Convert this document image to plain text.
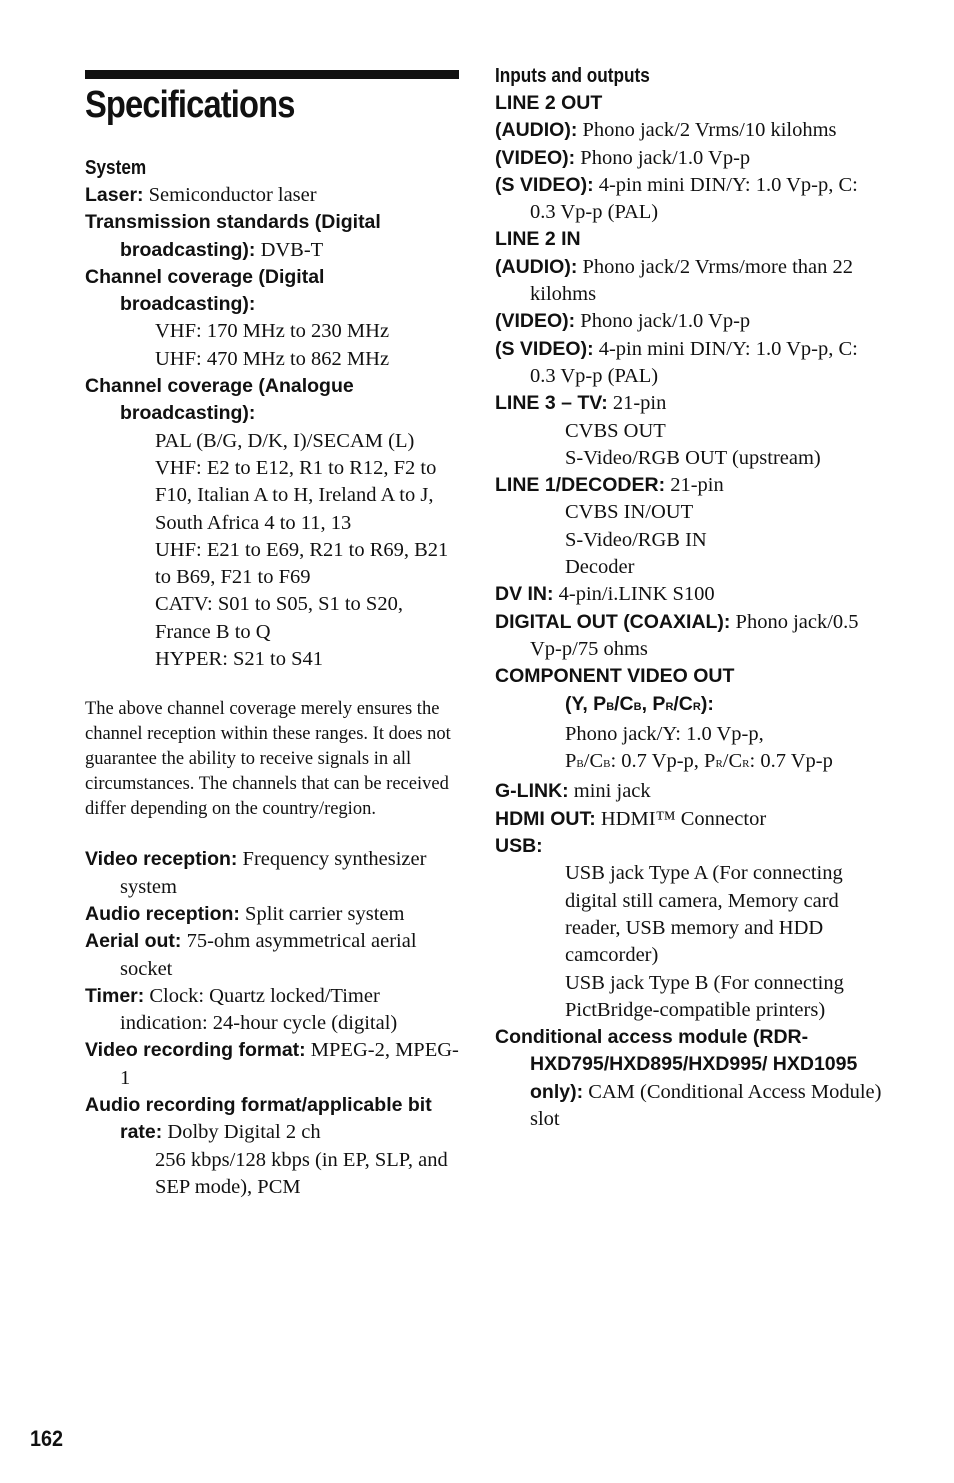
Specifications

System

Laser: Semiconductor laser

Transmission standards (Digital broadcasting): DVB-T

Channel coverage (Digital broadcasting):
VHF: 170 MHz to 230 MHz
UHF: 470 MHz to 862 MHz

Channel coverage (Analogue broadcasting):
PAL (B/G, D/K, I)/SECAM (L)
VHF: E2 to E12, R1 to R12, F2 to F10, Italian A to H, Ireland A to J, South Africa 4 to 11, 13
UHF: E21 to E69, R21 to R69, B21 to B69, F21 to F69
CATV: S01 to S05, S1 to S20, France B to Q
HYPER: S21 to S41

The above channel coverage merely ensures the channel reception within these ranges. It does not guarantee the ability to receive signals in all circumstances. The channels that can be received differ depending on the country/region.

Video reception: Frequency synthesizer system

Audio reception: Split carrier system

Aerial out: 75-ohm asymmetrical aerial socket

Timer: Clock: Quartz locked/Timer indication: 24-hour cycle (digital)

Video recording format: MPEG-2, MPEG-1

Audio recording format/applicable bit rate: Dolby Digital 2 ch
256 kbps/128 kbps (in EP, SLP, and SEP mode), PCM

Inputs and outputs

LINE 2 OUT

(AUDIO): Phono jack/2 Vrms/10 kilohms

(VIDEO): Phono jack/1.0 Vp-p

(S VIDEO): 4-pin mini DIN/Y: 1.0 Vp-p, C: 0.3 Vp-p (PAL)

LINE 2 IN

(AUDIO): Phono jack/2 Vrms/more than 22 kilohms

(VIDEO): Phono jack/1.0 Vp-p

(S VIDEO): 4-pin mini DIN/Y: 1.0 Vp-p, C: 0.3 Vp-p (PAL)

LINE 3 – TV: 21-pin
CVBS OUT
S-Video/RGB OUT (upstream)

LINE 1/DECODER: 21-pin
CVBS IN/OUT
S-Video/RGB IN
Decoder

DV IN: 4-pin/i.LINK S100

DIGITAL OUT (COAXIAL): Phono jack/0.5 Vp-p/75 ohms

COMPONENT VIDEO OUT
(Y, PB/CB, PR/CR):
Phono jack/Y: 1.0 Vp-p,
PB/CB: 0.7 Vp-p, PR/CR: 0.7 Vp-p

G-LINK: mini jack

HDMI OUT: HDMI™ Connector

USB:
USB jack Type A (For connecting digital still camera, Memory card reader, USB memory and HDD camcorder)
USB jack Type B (For connecting PictBridge-compatible printers)

Conditional access module (RDR-HXD795/HXD895/HXD995/ HXD1095 only): CAM (Conditional Access Module) slot

162
